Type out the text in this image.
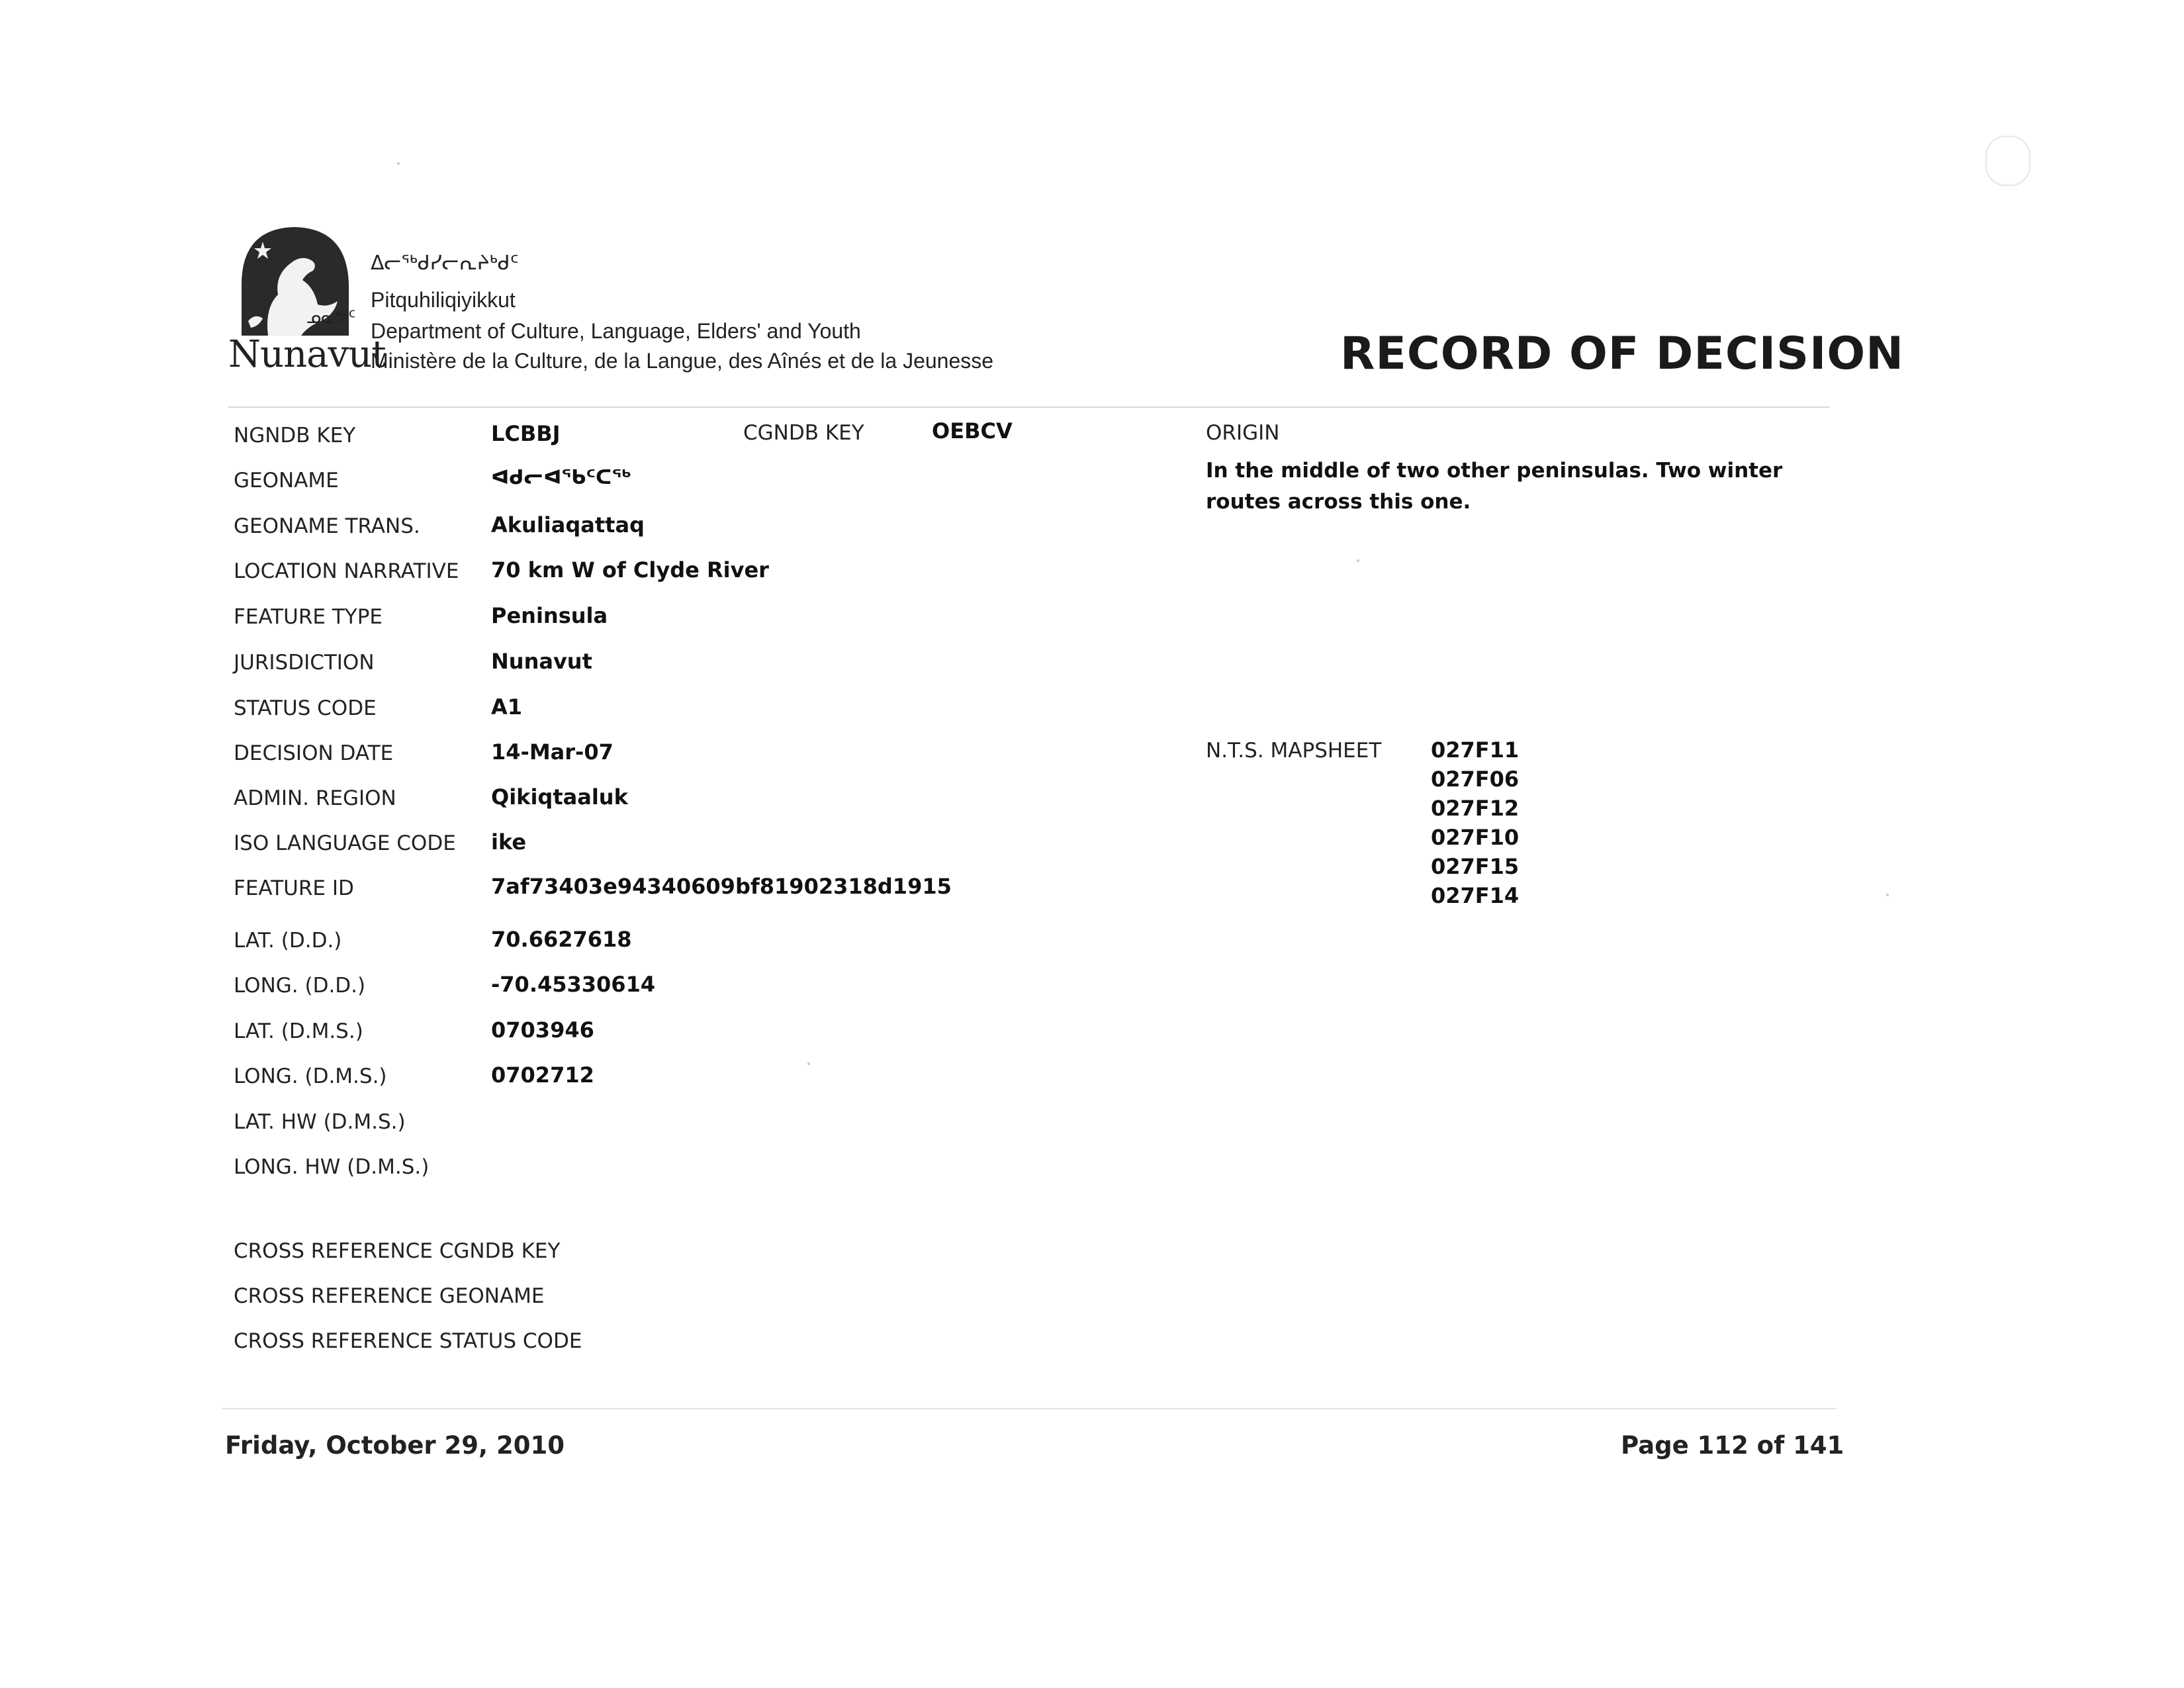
Nunavut
ᓄᓇᕗᑦ
ᐃᓕᖅᑯᓯᓕᕆᔨᒃᑯᑦ
Pitquhiliqiyikkut
Department of Culture, Language, Elders' and Youth
Ministère de la Culture, de la Langue, des Aînés et de la Jeunesse	RECORD OF DECISION
NGNDB KEY	LCBBJ	CGNDB KEY	OEBCV
GEONAME	ᐊᑯᓕᐊᖃᑦᑕᖅ
GEONAME TRANS.	Akuliaqattaq
LOCATION NARRATIVE 70 km W of Clyde River
FEATURE TYPE	Peninsula
JURISDICTION	Nunavut
STATUS CODE	A1
DECISION DATE	14-Mar-07
ADMIN. REGION	Qikiqtaaluk
ISO LANGUAGE CODE ike
FEATURE ID	7af73403e94340609bf81902318d1915
LAT. (D.D.)	70.6627618
LONG. (D.D.)	-70.45330614
LAT. (D.M.S.)	0703946
LONG. (D.M.S.)	0702712
LAT. HW (D.M.S.)
LONG. HW (D.M.S.)
CROSS REFERENCE CGNDB KEY
CROSS REFERENCE GEONAME
CROSS REFERENCE STATUS CODE
ORIGIN
In the middle of two other peninsulas. Two winter
routes across this one.
N.T.S. MAPSHEET 027F11
027F06
027F12
027F10
027F15
027F14
Friday, October 29, 2010	Page 112 of 141
